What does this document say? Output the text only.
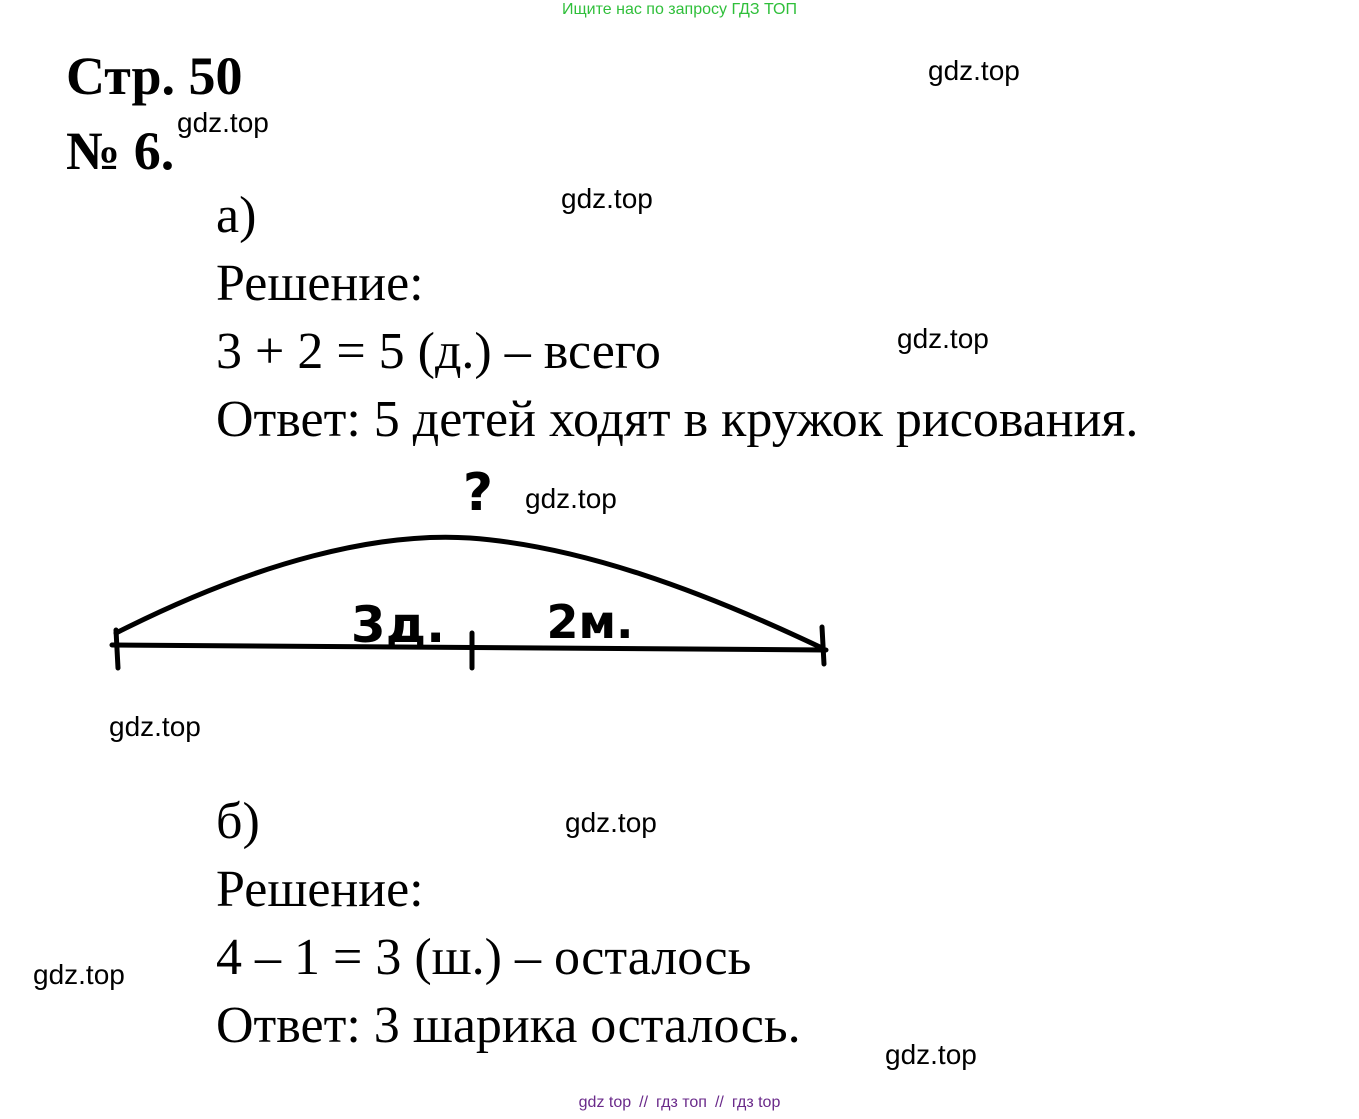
Ищите нас по запросу ГДЗ ТОП
Стр. 50
№ 6.
gdz.top
gdz.top
gdz.top
gdz.top
gdz.top
gdz.top
gdz.top
gdz.top
gdz.top
а)
Решение:
3 + 2 = 5 (д.) – всего
Ответ: 5 детей ходят в кружок рисования.
?
3д. 2м.
б)
Решение:
4 – 1 = 3 (ш.) – осталось
Ответ: 3 шарика осталось.
gdz top // гдз топ // гдз top
